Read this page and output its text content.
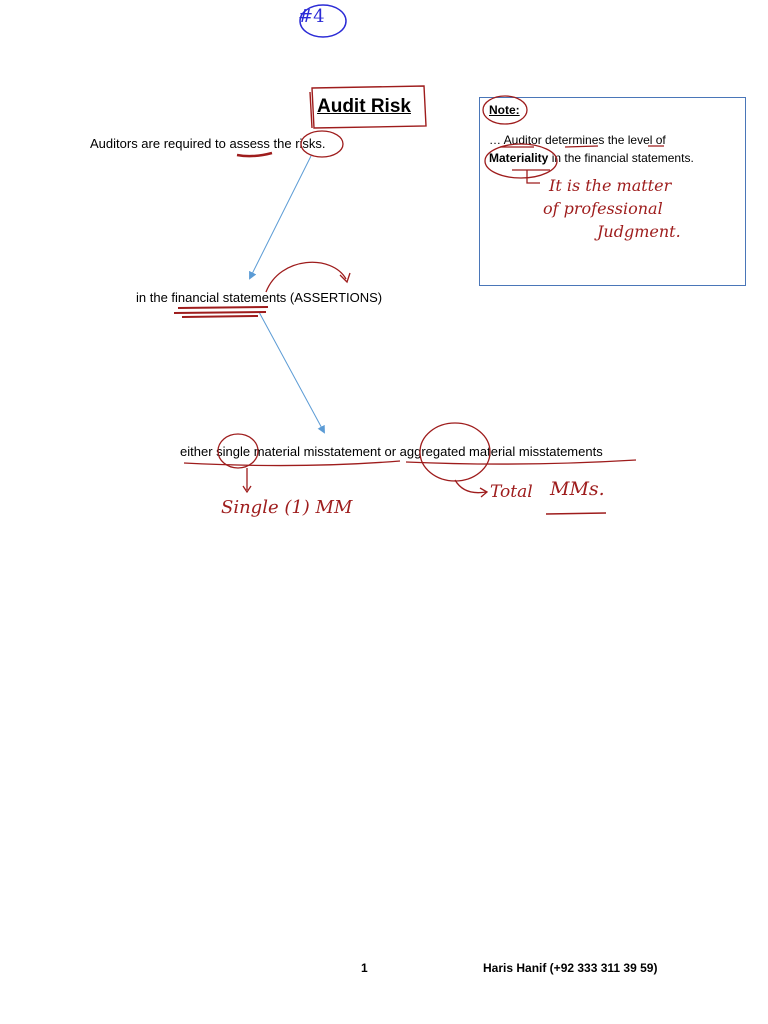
Audit Risk
Auditors are required to assess the risks.
in the financial statements (ASSERTIONS)
either single material misstatement or aggregated material misstatements
Note:
… Auditor determines the level of
Materiality in the financial statements.
#4
It is the matter
of professional
Judgment.
Single (1) MM
Total MMs.
1	Haris Hanif (+92 333 311 39 59)
